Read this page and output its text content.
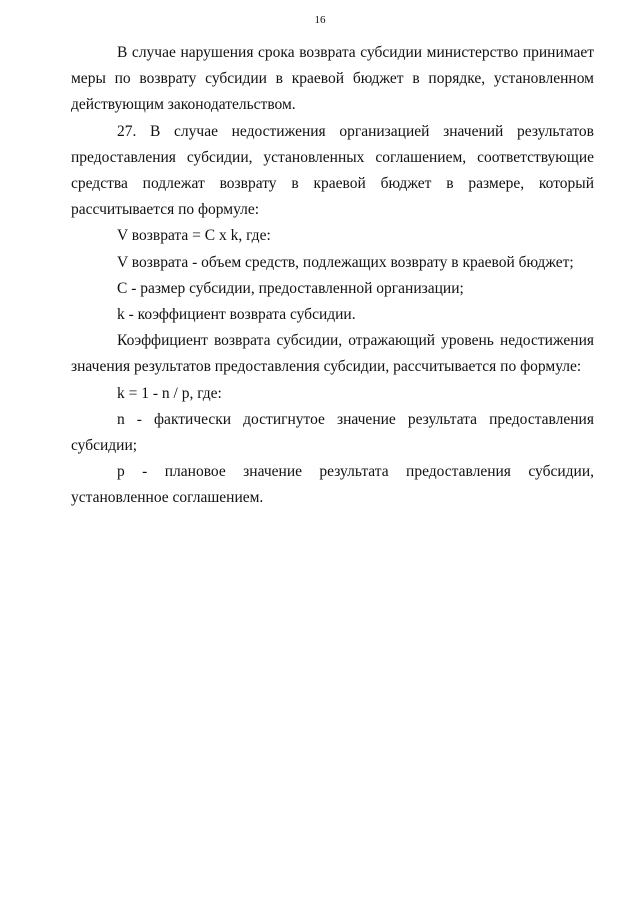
16

В случае нарушения срока возврата субсидии министерство принимает меры по возврату субсидии в краевой бюджет в порядке, установленном действующим законодательством.

27. В случае недостижения организацией значений результатов предоставления субсидии, установленных соглашением, соответствующие средства подлежат возврату в краевой бюджет в размере, который рассчитывается по формуле:

V возврата = С x k, где:

V возврата - объем средств, подлежащих возврату в краевой бюджет;

С - размер субсидии, предоставленной организации;

k - коэффициент возврата субсидии.

Коэффициент возврата субсидии, отражающий уровень недостижения значения результатов предоставления субсидии, рассчитывается по формуле:

k = 1 - n / p, где:

n - фактически достигнутое значение результата предоставления субсидии;

p - плановое значение результата предоставления субсидии, установленное соглашением.
